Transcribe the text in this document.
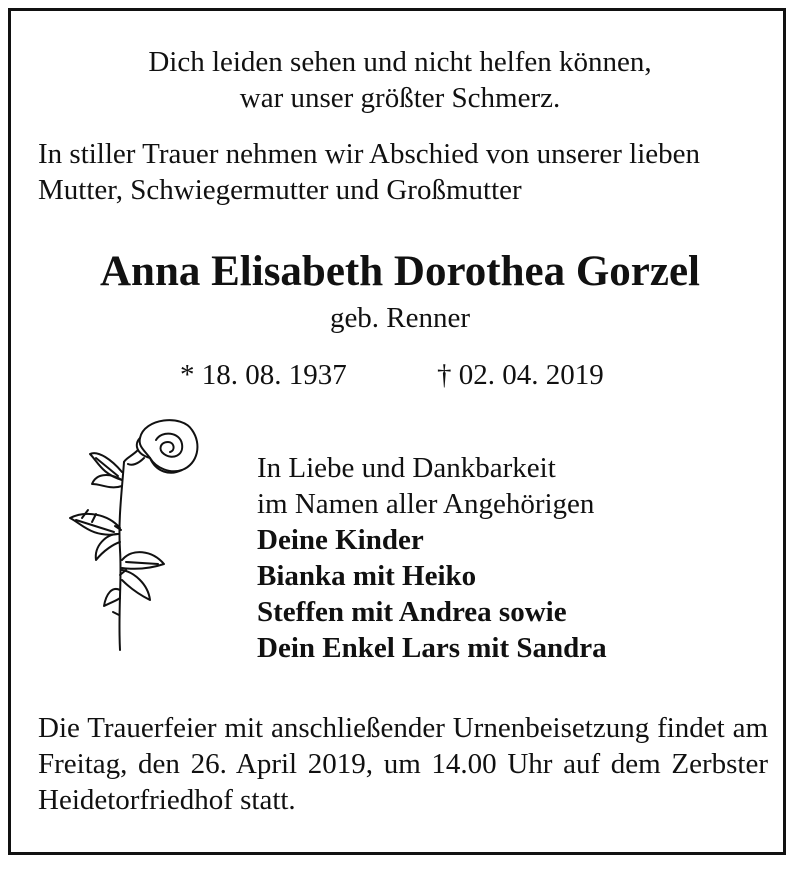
Dich leiden sehen und nicht helfen können,
war unser größter Schmerz.
In stiller Trauer nehmen wir Abschied von unserer lieben
Mutter, Schwiegermutter und Großmutter
Anna Elisabeth Dorothea Gorzel
geb. Renner
* 18. 08. 1937	† 02. 04. 2019
In Liebe und Dankbarkeit
im Namen aller Angehörigen
Deine Kinder
Bianka mit Heiko
Steffen mit Andrea sowie
Dein Enkel Lars mit Sandra
Die Trauerfeier mit anschließender Urnenbeisetzung findet am Freitag, den 26. April 2019, um 14.00 Uhr auf dem Zerbster Heidetorfriedhof statt.
